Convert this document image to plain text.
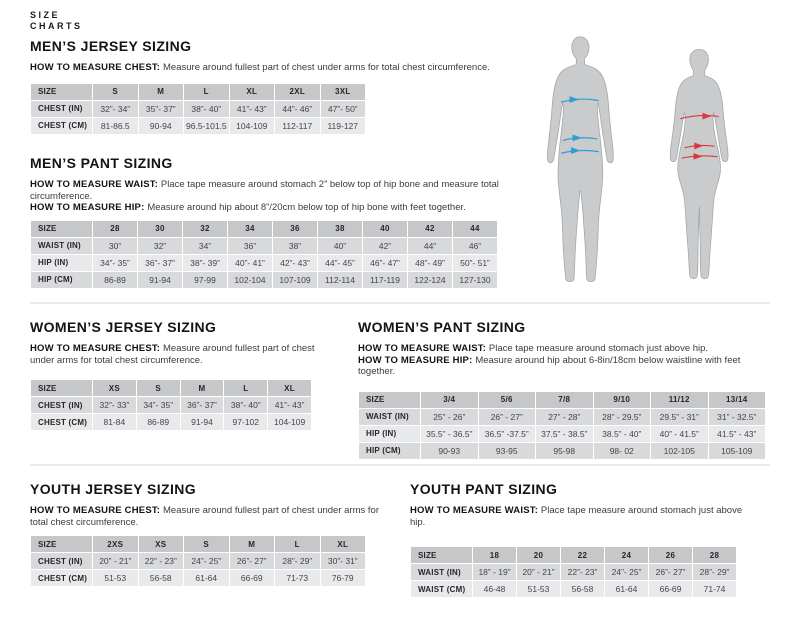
SIZE
CHARTS
MEN’S JERSEY SIZING
HOW TO MEASURE CHEST: Measure around fullest part of chest under arms for total chest circumference.
SIZE	S	M	L	XL	2XL	3XL
CHEST (IN)	32”- 34”	35”- 37”	38”- 40”	41”- 43”	44”- 46”	47”- 50”
CHEST (CM)	81-86.5	90-94	96.5-101.5	104-109	112-117	119-127
MEN’S PANT SIZING
HOW TO MEASURE WAIST: Place tape measure around stomach 2” below top of hip bone and measure total circumference.
HOW TO MEASURE HIP: Measure around hip about 8”/20cm below top of hip bone with feet together.
SIZE	28	30	32	34	36	38	40	42	44
WAIST (IN)	30”	32”	34”	36”	38”	40”	42”	44”	46”
HIP (IN)	34”- 35”	36”- 37”	38”- 39”	40”- 41”	42”- 43”	44”- 45”	46”- 47”	48”- 49”	50”- 51”
HIP (CM)	86-89	91-94	97-99	102-104	107-109	112-114	117-119	122-124	127-130
WOMEN’S JERSEY SIZING
HOW TO MEASURE CHEST: Measure around fullest part of chest under arms for total chest circumference.
SIZE	XS	S	M	L	XL
CHEST (IN)	32”- 33”	34”- 35”	36”- 37”	38”- 40”	41”- 43”
CHEST (CM)	81-84	86-89	91-94	97-102	104-109
WOMEN’S PANT SIZING
HOW TO MEASURE WAIST: Place tape measure around stomach just above hip.
HOW TO MEASURE HIP: Measure around hip about 6-8in/18cm below waistline with feet together.
SIZE	3/4	5/6	7/8	9/10	11/12	13/14
WAIST (IN)	25” - 26”	26” - 27”	27” - 28”	28” - 29.5”	29.5” - 31”	31” - 32.5”
HIP (IN)	35.5” - 36.5”	36.5” -37.5”	37.5” - 38.5”	38.5” - 40”	40” - 41.5”	41.5” - 43”
HIP (CM)	90-93	93-95	95-98	98- 02	102-105	105-109
YOUTH JERSEY SIZING
HOW TO MEASURE CHEST: Measure around fullest part of chest under arms for total chest circumference.
SIZE	2XS	XS	S	M	L	XL
CHEST (IN)	20” - 21”	22” - 23”	24”- 25”	26”- 27”	28”- 29”	30”- 31”
CHEST (CM)	51-53	56-58	61-64	66-69	71-73	76-79
YOUTH PANT SIZING
HOW TO MEASURE WAIST: Place tape measure around stomach just above hip.
SIZE	18	20	22	24	26	28
WAIST (IN)	18” - 19”	20” - 21”	22”- 23”	24”- 25”	26”- 27”	28”- 29”
WAIST (CM)	46-48	51-53	56-58	61-64	66-69	71-74
